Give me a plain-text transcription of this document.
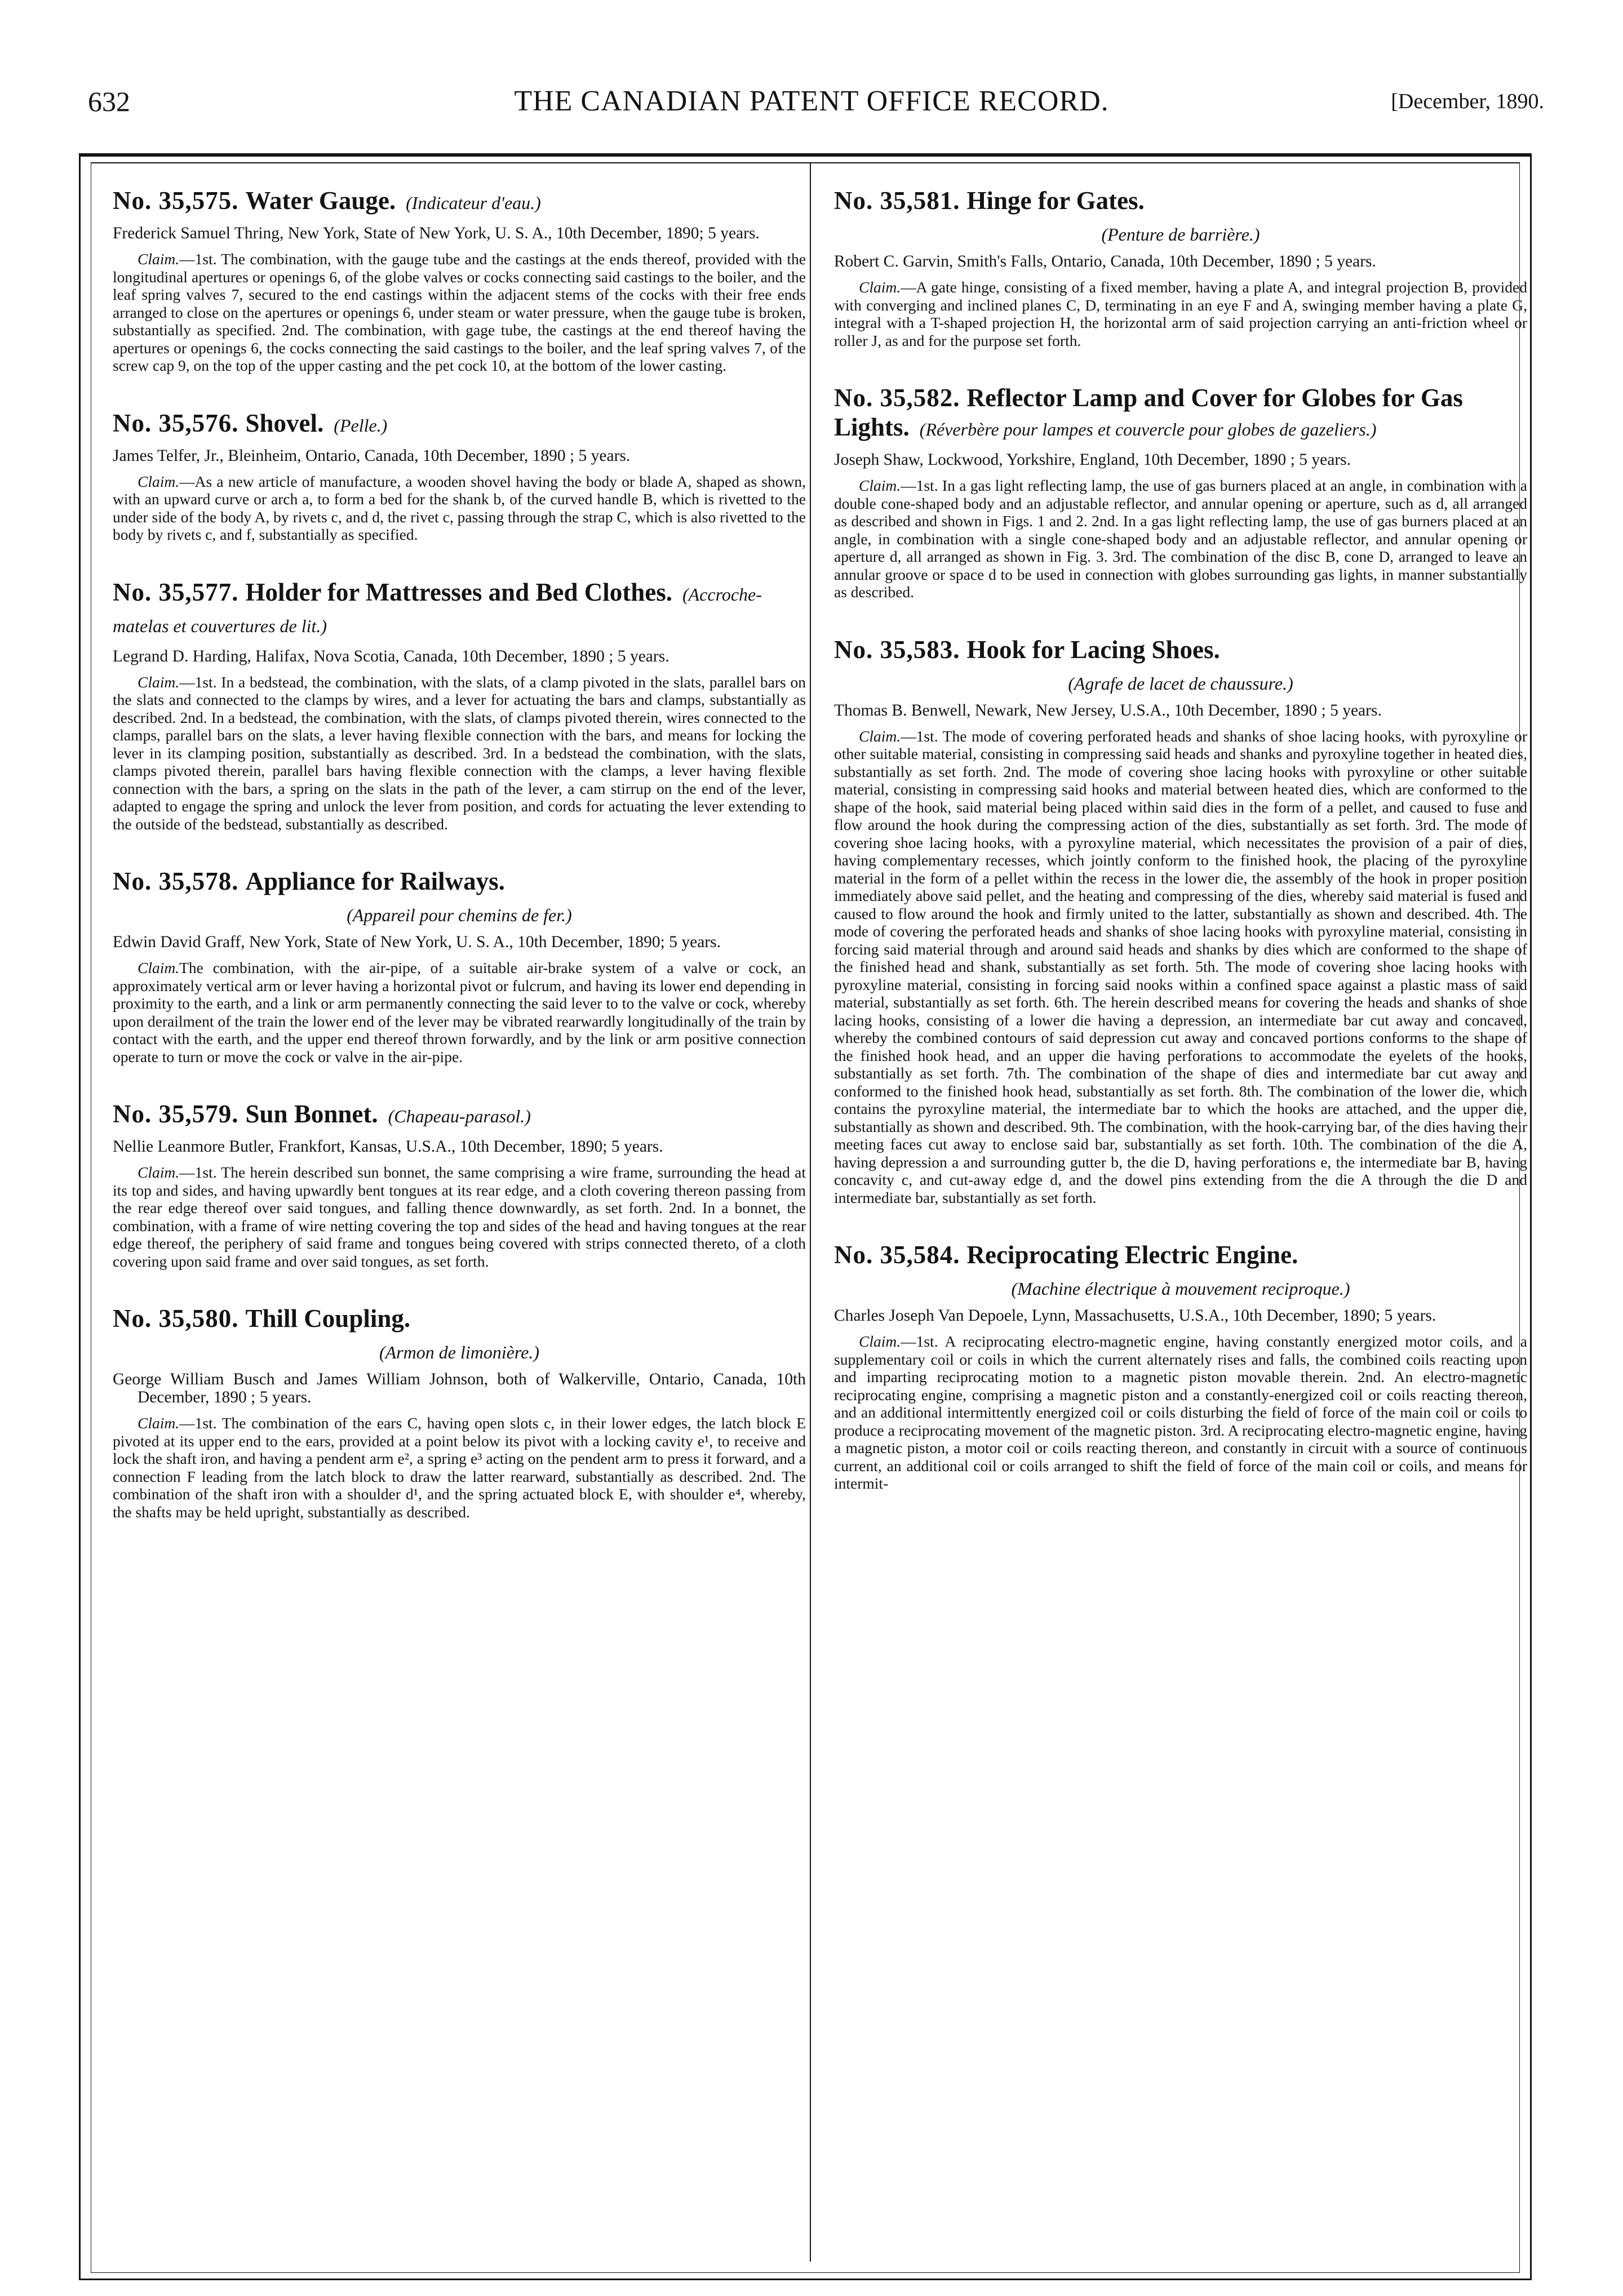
632	THE CANADIAN PATENT OFFICE RECORD.	[December, 1890.
No. 35,575. Water Gauge. (Indicateur d'eau.)

Frederick Samuel Thring, New York, State of New York, U. S. A., 10th December, 1890; 5 years.

Claim.—1st. The combination, with the gauge tube and the castings at the ends thereof, provided with the longitudinal apertures or openings 6, of the globe valves or cocks connecting said castings to the boiler, and the leaf spring valves 7, secured to the end castings within the adjacent stems of the cocks with their free ends arranged to close on the apertures or openings 6, under steam or water pressure, when the gauge tube is broken, substantially as specified. 2nd. The combination, with gage tube, the castings at the end thereof having the apertures or openings 6, the cocks connecting the said castings to the boiler, and the leaf spring valves 7, of the screw cap 9, on the top of the upper casting and the pet cock 10, at the bottom of the lower casting.

No. 35,576. Shovel. (Pelle.)

James Telfer, Jr., Bleinheim, Ontario, Canada, 10th December, 1890 ; 5 years.

Claim.—As a new article of manufacture, a wooden shovel having the body or blade A, shaped as shown, with an upward curve or arch a, to form a bed for the shank b, of the curved handle B, which is rivetted to the under side of the body A, by rivets c, and d, the rivet c, passing through the strap C, which is also rivetted to the body by rivets c, and f, substantially as specified.

No. 35,577. Holder for Mattresses and Bed Clothes. (Accroche-matelas et couvertures de lit.)

Legrand D. Harding, Halifax, Nova Scotia, Canada, 10th December, 1890 ; 5 years.

Claim.—1st. In a bedstead, the combination, with the slats, of a clamp pivoted in the slats, parallel bars on the slats and connected to the clamps by wires, and a lever for actuating the bars and clamps, substantially as described. 2nd. In a bedstead, the combination, with the slats, of clamps pivoted therein, wires connected to the clamps, parallel bars on the slats, a lever having flexible connection with the bars, and means for locking the lever in its clamping position, substantially as described. 3rd. In a bedstead the combination, with the slats, clamps pivoted therein, parallel bars having flexible connection with the clamps, a lever having flexible connection with the bars, a spring on the slats in the path of the lever, a cam stirrup on the end of the lever, adapted to engage the spring and unlock the lever from position, and cords for actuating the lever extending to the outside of the bedstead, substantially as described.

No. 35,578. Appliance for Railways.
(Appareil pour chemins de fer.)

Edwin David Graff, New York, State of New York, U. S. A., 10th December, 1890; 5 years.

Claim.The combination, with the air-pipe, of a suitable air-brake system of a valve or cock, an approximately vertical arm or lever having a horizontal pivot or fulcrum, and having its lower end depending in proximity to the earth, and a link or arm permanently connecting the said lever to to the valve or cock, whereby upon derailment of the train the lower end of the lever may be vibrated rearwardly longitudinally of the train by contact with the earth, and the upper end thereof thrown forwardly, and by the link or arm positive connection operate to turn or move the cock or valve in the air-pipe.

No. 35,579. Sun Bonnet. (Chapeau-parasol.)

Nellie Leanmore Butler, Frankfort, Kansas, U.S.A., 10th December, 1890; 5 years.

Claim.—1st. The herein described sun bonnet, the same comprising a wire frame, surrounding the head at its top and sides, and having upwardly bent tongues at its rear edge, and a cloth covering thereon passing from the rear edge thereof over said tongues, and falling thence downwardly, as set forth. 2nd. In a bonnet, the combination, with a frame of wire netting covering the top and sides of the head and having tongues at the rear edge thereof, the periphery of said frame and tongues being covered with strips connected thereto, of a cloth covering upon said frame and over said tongues, as set forth.

No. 35,580. Thill Coupling.
(Armon de limonière.)

George William Busch and James William Johnson, both of Walkerville, Ontario, Canada, 10th December, 1890 ; 5 years.

Claim.—1st. The combination of the ears C, having open slots c, in their lower edges, the latch block E pivoted at its upper end to the ears, provided at a point below its pivot with a locking cavity e¹, to receive and lock the shaft iron, and having a pendent arm e², a spring e³ acting on the pendent arm to press it forward, and a connection F leading from the latch block to draw the latter rearward, substantially as described. 2nd. The combination of the shaft iron with a shoulder d¹, and the spring actuated block E, with shoulder e⁴, whereby, the shafts may be held upright, substantially as described.

No. 35,581. Hinge for Gates.
(Penture de barrière.)

Robert C. Garvin, Smith's Falls, Ontario, Canada, 10th December, 1890 ; 5 years.

Claim.—A gate hinge, consisting of a fixed member, having a plate A, and integral projection B, provided with converging and inclined planes C, D, terminating in an eye F and A, swinging member having a plate G, integral with a T-shaped projection H, the horizontal arm of said projection carrying an anti-friction wheel or roller J, as and for the purpose set forth.

No. 35,582. Reflector Lamp and Cover for Globes for Gas Lights. (Réverbère pour lampes et couvercle pour globes de gazeliers.)

Joseph Shaw, Lockwood, Yorkshire, England, 10th December, 1890 ; 5 years.

Claim.—1st. In a gas light reflecting lamp, the use of gas burners placed at an angle, in combination with a double cone-shaped body and an adjustable reflector, and annular opening or aperture, such as d, all arranged as described and shown in Figs. 1 and 2. 2nd. In a gas light reflecting lamp, the use of gas burners placed at an angle, in combination with a single cone-shaped body and an adjustable reflector, and annular opening or aperture d, all arranged as shown in Fig. 3. 3rd. The combination of the disc B, cone D, arranged to leave an annular groove or space d to be used in connection with globes surrounding gas lights, in manner substantially as described.

No. 35,583. Hook for Lacing Shoes.
(Agrafe de lacet de chaussure.)

Thomas B. Benwell, Newark, New Jersey, U.S.A., 10th December, 1890 ; 5 years.

Claim.—1st. The mode of covering perforated heads and shanks of shoe lacing hooks, with pyroxyline or other suitable material, consisting in compressing said heads and shanks and pyroxyline together in heated dies, substantially as set forth. 2nd. The mode of covering shoe lacing hooks with pyroxyline or other suitable material, consisting in compressing said hooks and material between heated dies, which are conformed to the shape of the hook, said material being placed within said dies in the form of a pellet, and caused to fuse and flow around the hook during the compressing action of the dies, substantially as set forth. 3rd. The mode of covering shoe lacing hooks, with a pyroxyline material, which necessitates the provision of a pair of dies, having complementary recesses, which jointly conform to the finished hook, the placing of the pyroxyline material in the form of a pellet within the recess in the lower die, the assembly of the hook in proper position immediately above said pellet, and the heating and compressing of the dies, whereby said material is fused and caused to flow around the hook and firmly united to the latter, substantially as shown and described. 4th. The mode of covering the perforated heads and shanks of shoe lacing hooks with pyroxyline material, consisting in forcing said material through and around said heads and shanks by dies which are conformed to the shape of the finished head and shank, substantially as set forth. 5th. The mode of covering shoe lacing hooks with pyroxyline material, consisting in forcing said nooks within a confined space against a plastic mass of said material, substantially as set forth. 6th. The herein described means for covering the heads and shanks of shoe lacing hooks, consisting of a lower die having a depression, an intermediate bar cut away and concaved, whereby the combined contours of said depression cut away and concaved portions conforms to the shape of the finished hook head, and an upper die having perforations to accommodate the eyelets of the hooks, substantially as set forth. 7th. The combination of the shape of dies and intermediate bar cut away and conformed to the finished hook head, substantially as set forth. 8th. The combination of the lower die, which contains the pyroxyline material, the intermediate bar to which the hooks are attached, and the upper die, substantially as shown and described. 9th. The combination, with the hook-carrying bar, of the dies having their meeting faces cut away to enclose said bar, substantially as set forth. 10th. The combination of the die A, having depression a and surrounding gutter b, the die D, having perforations e, the intermediate bar B, having concavity c, and cut-away edge d, and the dowel pins extending from the die A through the die D and intermediate bar, substantially as set forth.

No. 35,584. Reciprocating Electric Engine.
(Machine électrique à mouvement reciproque.)

Charles Joseph Van Depoele, Lynn, Massachusetts, U.S.A., 10th December, 1890; 5 years.

Claim.—1st. A reciprocating electro-magnetic engine, having constantly energized motor coils, and a supplementary coil or coils in which the current alternately rises and falls, the combined coils reacting upon and imparting reciprocating motion to a magnetic piston movable therein. 2nd. An electro-magnetic reciprocating engine, comprising a magnetic piston and a constantly-energized coil or coils reacting thereon, and an additional intermittently energized coil or coils disturbing the field of force of the main coil or coils to produce a reciprocating movement of the magnetic piston. 3rd. A reciprocating electro-magnetic engine, having a magnetic piston, a motor coil or coils reacting thereon, and constantly in circuit with a source of continuous current, an additional coil or coils arranged to shift the field of force of the main coil or coils, and means for intermit-
